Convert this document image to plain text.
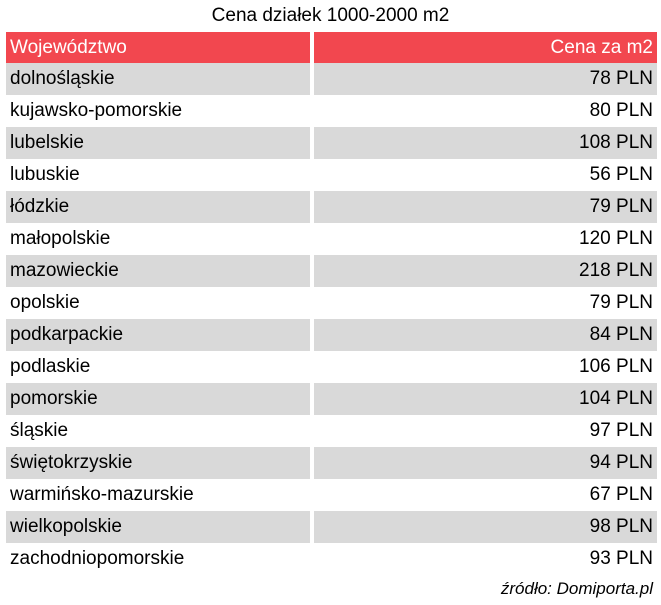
Cena działek 1000-2000 m2
Województwo	Cena za m2
dolnośląskie	78 PLN
kujawsko-pomorskie	80 PLN
lubelskie	108 PLN
lubuskie	56 PLN
łódzkie	79 PLN
małopolskie	120 PLN
mazowieckie	218 PLN
opolskie	79 PLN
podkarpackie	84 PLN
podlaskie	106 PLN
pomorskie	104 PLN
śląskie	97 PLN
świętokrzyskie	94 PLN
warmińsko-mazurskie	67 PLN
wielkopolskie	98 PLN
zachodniopomorskie	93 PLN
źródło: Domiporta.pl
